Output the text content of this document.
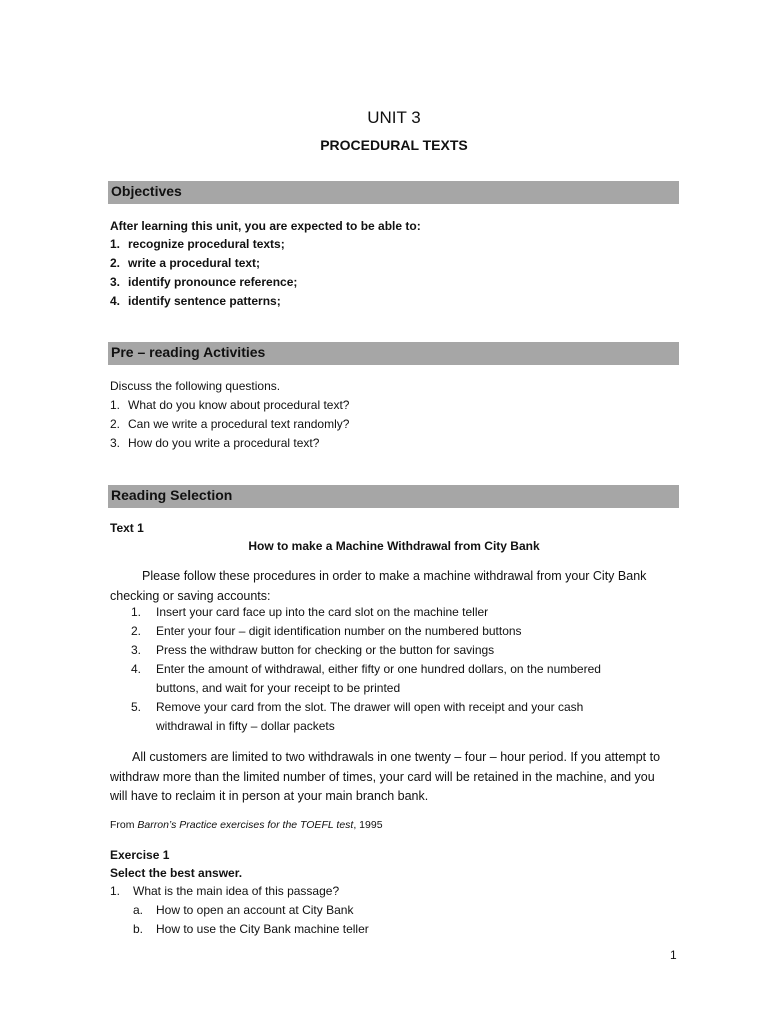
UNIT 3
PROCEDURAL TEXTS
Objectives
After learning this unit, you are expected to be able to:
1. recognize procedural texts;
2. write a procedural text;
3. identify pronounce reference;
4. identify sentence patterns;
Pre – reading Activities
Discuss the following questions.
1. What do you know about procedural text?
2. Can we write a procedural text randomly?
3. How do you write a procedural text?
Reading Selection
Text 1
How to make a Machine Withdrawal from City Bank
Please follow these procedures in order to make a machine withdrawal from your City Bank checking or saving accounts:
1. Insert your card face up into the card slot on the machine teller
2. Enter your four – digit identification number on the numbered buttons
3. Press the withdraw button for checking or the button for savings
4. Enter the amount of withdrawal, either fifty or one hundred dollars, on the numbered
buttons, and wait for your receipt to be printed
5. Remove your card from the slot. The drawer will open with receipt and your cash
withdrawal in fifty – dollar packets
All customers are limited to two withdrawals in one twenty – four – hour period. If you attempt to withdraw more than the limited number of times, your card will be retained in the machine, and you will have to reclaim it in person at your main branch bank.
From Barron’s Practice exercises for the TOEFL test, 1995
Exercise 1
Select the best answer.
1. What is the main idea of this passage?
a. How to open an account at City Bank
b. How to use the City Bank machine teller
1
